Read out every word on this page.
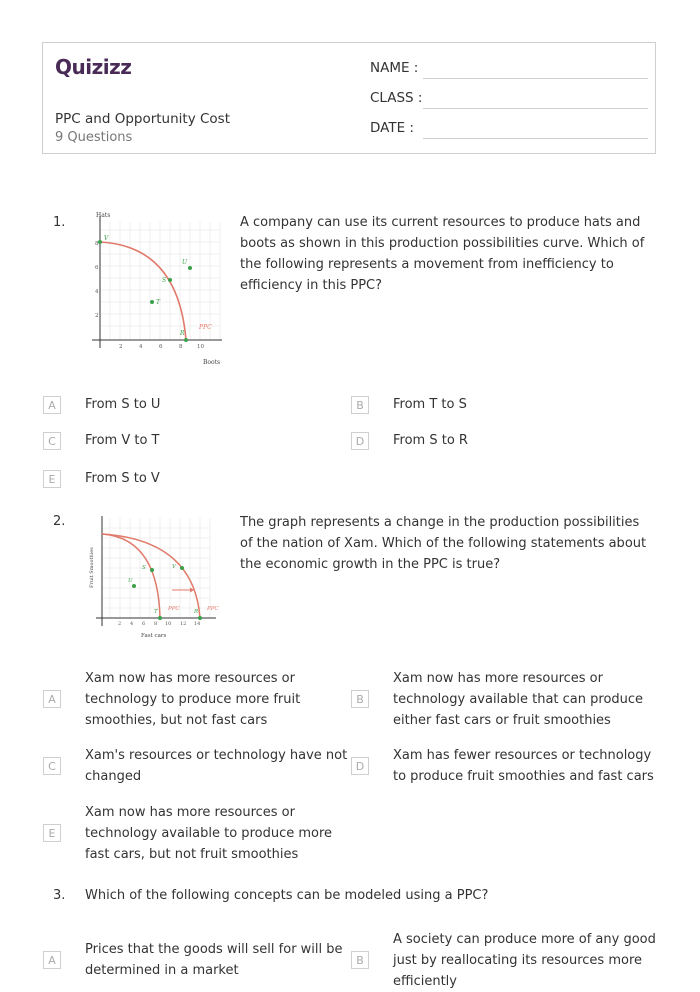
Quizizz
PPC and Opportunity Cost
9 Questions
NAME :
CLASS :
DATE :
1.	Hats
Boots
PPC
2	4	6	8	10
2
4
6
8
V
U
S
T
R
A company can use its current resources to produce hats and boots as shown in this production possibilities curve. Which of the following represents a movement from inefficiency to efficiency in this PPC?
A	From S to U	B	From T to S
C	From V to T	D	From S to R
E	From S to V
2.
Fruit Smoothies
Fast cars
PPC	PPC
2 4 6 8 10 12 14
S	V
U
T	R
The graph represents a change in the production possibilities of the nation of Xam. Which of the following statements about the economic growth in the PPC is true?
A
Xam now has more resources or
technology to produce more fruit
smoothies, but not fast cars
B
Xam now has more resources or
technology available that can produce
either fast cars or fruit smoothies
C
Xam's resources or technology have not
changed
D
Xam has fewer resources or technology
to produce fruit smoothies and fast cars
E
Xam now has more resources or
technology available to produce more
fast cars, but not fruit smoothies
3. Which of the following concepts can be modeled using a PPC?
A
Prices that the goods will sell for will be
determined in a market
B
A society can produce more of any good
just by reallocating its resources more
efficiently
